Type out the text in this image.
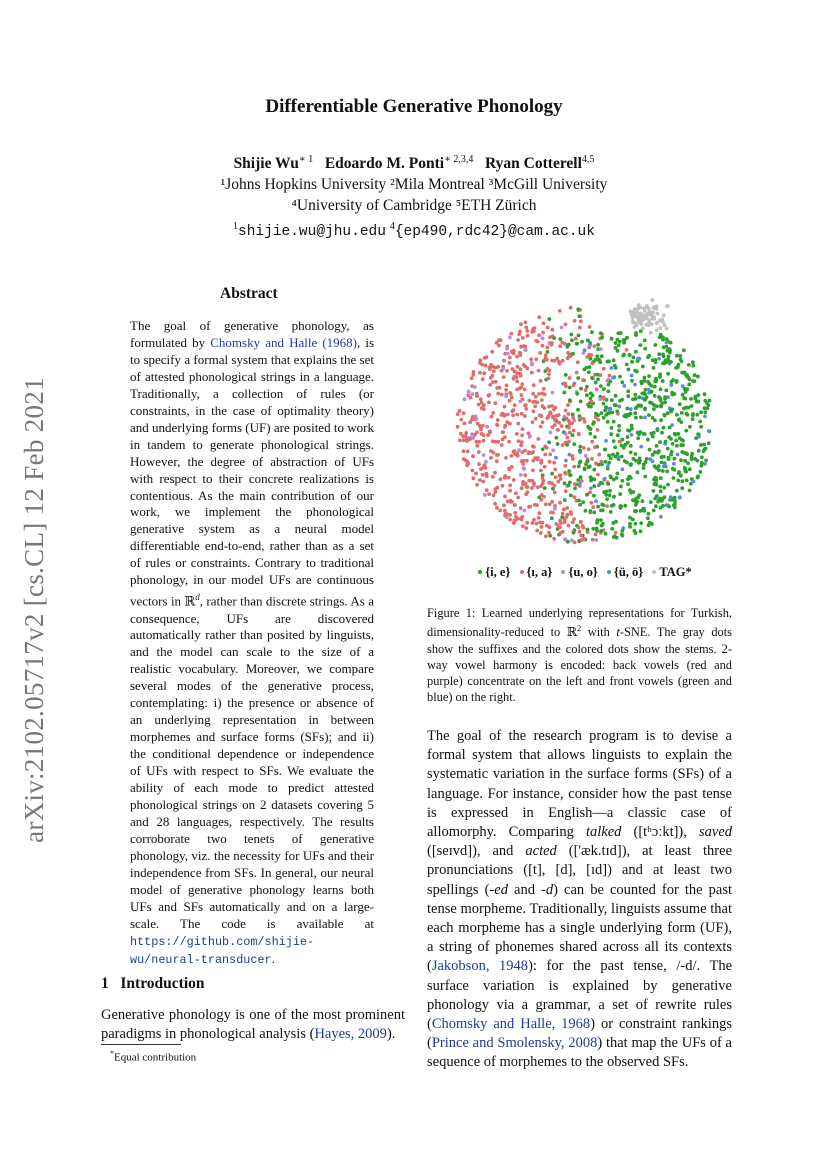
arXiv:2102.05717v2 [cs.CL] 12 Feb 2021
Differentiable Generative Phonology
Shijie $Wu^{∗ 1}$ Edoardo M. Ponti$^{∗ 2,3,4}$ Ryan Cotterell$^{4,5}$
¹Johns Hopkins University ²Mila Montreal ³McGill University
⁴University of Cambridge ⁵ETH Zürich
$^1$shijie.wu@jhu.edu $^4${ep490,rdc42}@cam.ac.uk
Abstract
The goal of generative phonology, as formulated by Chomsky and Halle (1968), is to specify a formal system that explains the set of attested phonological strings in a language. Traditionally, a collection of rules (or constraints, in the case of optimality theory) and underlying forms (UF) are posited to work in tandem to generate phonological strings. However, the degree of abstraction of UFs with respect to their concrete realizations is contentious. As the main contribution of our work, we implement the phonological generative system as a neural model differentiable end-to-end, rather than as a set of rules or constraints. Contrary to traditional phonology, in our model UFs are continuous vectors in ℝ$^d$, rather than discrete strings. As a consequence, UFs are discovered automatically rather than posited by linguists, and the model can scale to the size of a realistic vocabulary. Moreover, we compare several modes of the generative process, contemplating: i) the presence or absence of an underlying representation in between morphemes and surface forms (SFs); and ii) the conditional dependence or independence of UFs with respect to SFs. We evaluate the ability of each mode to predict attested phonological strings on 2 datasets covering 5 and 28 languages, respectively. The results corroborate two tenets of generative phonology, viz. the necessity for UFs and their independence from SFs. In general, our neural model of generative phonology learns both UFs and SFs automatically and on a large-scale. The code is available at https://github.com/shijie-wu/neural-transducer.
1 Introduction
Generative phonology is one of the most prominent paradigms in phonological analysis (Hayes, 2009).
*Equal contribution
{i, e} {ı, a} {u, o} {ü, ö} TAG*
Figure 1: Learned underlying representations for Turkish, dimensionality-reduced to ℝ$^2$ with t-SNE. The gray dots show the suffixes and the colored dots show the stems. 2-way vowel harmony is encoded: back vowels (red and purple) concentrate on the left and front vowels (green and blue) on the right.
The goal of the research program is to devise a formal system that allows linguists to explain the systematic variation in the surface forms (SFs) of a language. For instance, consider how the past tense is expressed in English—a classic case of allomorphy. Comparing talked ([tʰɔːkt]), saved ([seɪvd]), and acted (['æk.tɪd]), at least three pronunciations ([t], [d], [ɪd]) and at least two spellings (-ed and -d) can be counted for the past tense morpheme. Traditionally, linguists assume that each morpheme has a single underlying form (UF), a string of phonemes shared across all its contexts (Jakobson, 1948): for the past tense, /-d/. The surface variation is explained by generative phonology via a grammar, a set of rewrite rules (Chomsky and Halle, 1968) or constraint rankings (Prince and Smolensky, 2008) that map the UFs of a sequence of morphemes to the observed SFs.
